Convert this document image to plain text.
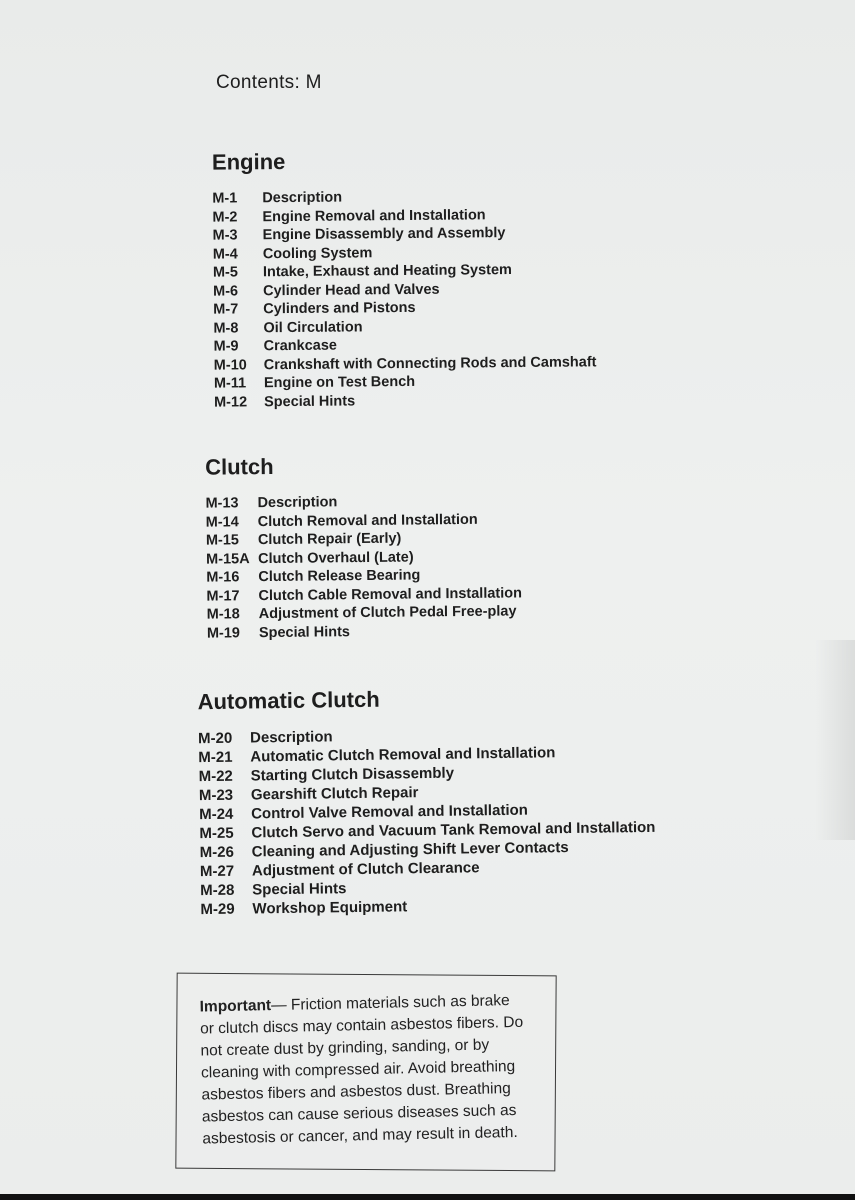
Contents: M
Engine
M-1	Description
M-2	Engine Removal and Installation
M-3	Engine Disassembly and Assembly
M-4	Cooling System
M-5	Intake, Exhaust and Heating System
M-6	Cylinder Head and Valves
M-7	Cylinders and Pistons
M-8	Oil Circulation
M-9	Crankcase
M-10	Crankshaft with Connecting Rods and Camshaft
M-11	Engine on Test Bench
M-12	Special Hints
Clutch
M-13	Description
M-14	Clutch Removal and Installation
M-15	Clutch Repair (Early)
M-15A Clutch Overhaul (Late)
M-16	Clutch Release Bearing
M-17	Clutch Cable Removal and Installation
M-18	Adjustment of Clutch Pedal Free-play
M-19	Special Hints
Automatic Clutch
M-20	Description
M-21	Automatic Clutch Removal and Installation
M-22	Starting Clutch Disassembly
M-23	Gearshift Clutch Repair
M-24	Control Valve Removal and Installation
M-25	Clutch Servo and Vacuum Tank Removal and Installation
M-26	Cleaning and Adjusting Shift Lever Contacts
M-27	Adjustment of Clutch Clearance
M-28	Special Hints
M-29	Workshop Equipment
Important— Friction materials such as brake
or clutch discs may contain asbestos fibers. Do
not create dust by grinding, sanding, or by
cleaning with compressed air. Avoid breathing
asbestos fibers and asbestos dust. Breathing
asbestos can cause serious diseases such as
asbestosis or cancer, and may result in death.
